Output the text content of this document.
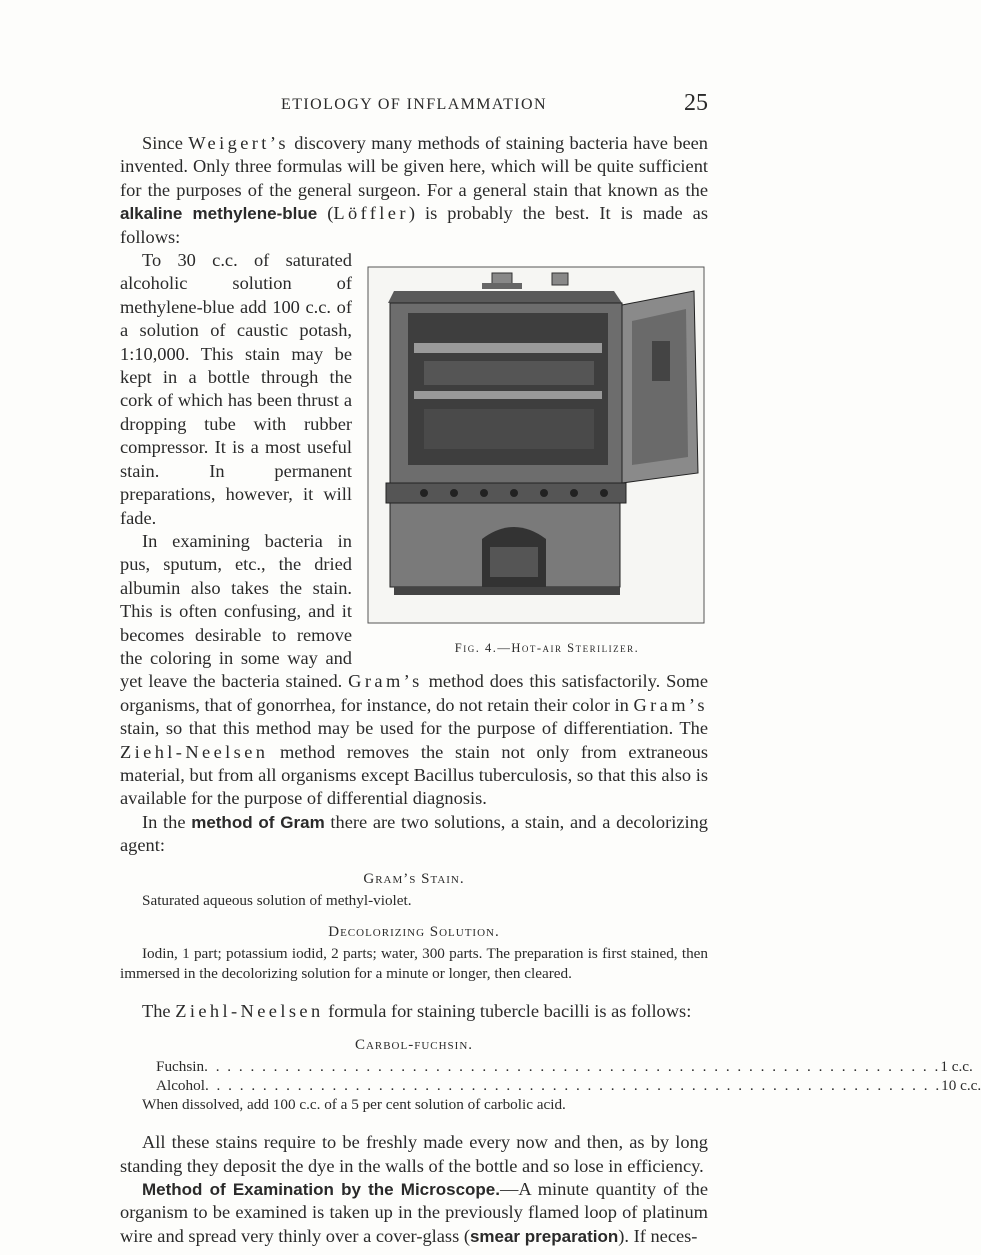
ETIOLOGY OF INFLAMMATION	25

Since Weigert’s discovery many methods of staining bacteria have been invented. Only three formulas will be given here, which will be quite sufficient for the purposes of the general surgeon. For a general stain that known as the alkaline methylene-blue (Löffler) is probably the best. It is made as follows:

Fig. 4.—Hot-air Sterilizer.
To 30 c.c. of saturated alcoholic solution of methylene-blue add 100 c.c. of a solution of caustic potash, 1:10,000. This stain may be kept in a bottle through the cork of which has been thrust a dropping tube with rubber compressor. It is a most useful stain. In permanent preparations, however, it will fade.

In examining bacteria in pus, sputum, etc., the dried albumin also takes the stain. This is often confusing, and it becomes desirable to remove the coloring in some way and yet leave the bacteria stained. Gram’s method does this satisfactorily. Some organisms, that of gonorrhea, for instance, do not retain their color in Gram’s stain, so that this method may be used for the purpose of differentiation. The Ziehl-Neelsen method removes the stain not only from extraneous material, but from all organisms except Bacillus tuberculosis, so that this also is available for the purpose of differential diagnosis.

In the method of Gram there are two solutions, a stain, and a decolorizing agent:

Gram’s Stain.

Saturated aqueous solution of methyl-violet.

Decolorizing Solution.

Iodin, 1 part; potassium iodid, 2 parts; water, 300 parts. The preparation is first stained, then immersed in the decolorizing solution for a minute or longer, then cleared.

The Ziehl-Neelsen formula for staining tubercle bacilli is as follows:

Carbol-fuchsin.
Fuchsin . . . . . . . . . . . . . . . . . . . . . . . . . . . . . . . . . . . . . . . . . . . . . . . . . . . . . . . . . . . . . . . . 1 c.c.
Alcohol . . . . . . . . . . . . . . . . . . . . . . . . . . . . . . . . . . . . . . . . . . . . . . . . . . . . . . . . . . . . . . . . 10 c.c.

When dissolved, add 100 c.c. of a 5 per cent solution of carbolic acid.

All these stains require to be freshly made every now and then, as by long standing they deposit the dye in the walls of the bottle and so lose in efficiency.

Method of Examination by the Microscope.—A minute quantity of the organism to be examined is taken up in the previously flamed loop of platinum wire and spread very thinly over a cover-glass (smear preparation). If neces-
